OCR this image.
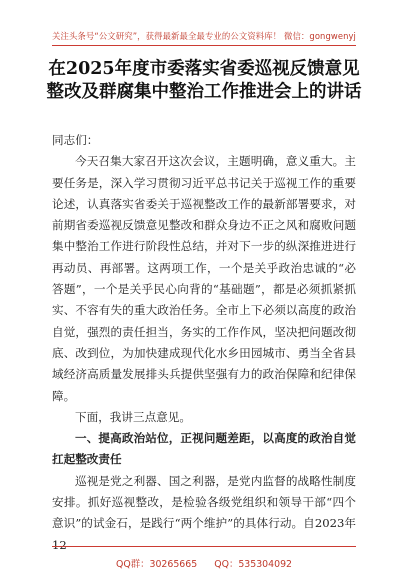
关注头条号“公文研究”，获得最新最全最专业的公文资料库！ 微信：gongwenyj
在2025年度市委落实省委巡视反馈意见
整改及群腐集中整治工作推进会上的讲话

同志们：

今天召集大家召开这次会议，主题明确，意义重大。主要任务是，深入学习贯彻习近平总书记关于巡视工作的重要论述，认真落实省委关于巡视整改工作的最新部署要求，对前期省委巡视反馈意见整改和群众身边不正之风和腐败问题集中整治工作进行阶段性总结，并对下一步的纵深推进进行再动员、再部署。这两项工作，一个是关乎政治忠诚的“必答题”，一个是关乎民心向背的“基础题”，都是必须抓紧抓实、不容有失的重大政治任务。全市上下必须以高度的政治自觉，强烈的责任担当，务实的工作作风，坚决把问题改彻底、改到位，为加快建成现代化水乡田园城市、勇当全省县域经济高质量发展排头兵提供坚强有力的政治保障和纪律保障。

下面，我讲三点意见。

一、提高政治站位，正视问题差距，以高度的政治自觉扛起整改责任

巡视是党之利器、国之利器，是党内监督的战略性制度安排。抓好巡视整改，是检验各级党组织和领导干部“四个意识”的试金石，是践行“两个维护”的具体行动。自2023年12

QQ群：30265665 QQ：535304092
